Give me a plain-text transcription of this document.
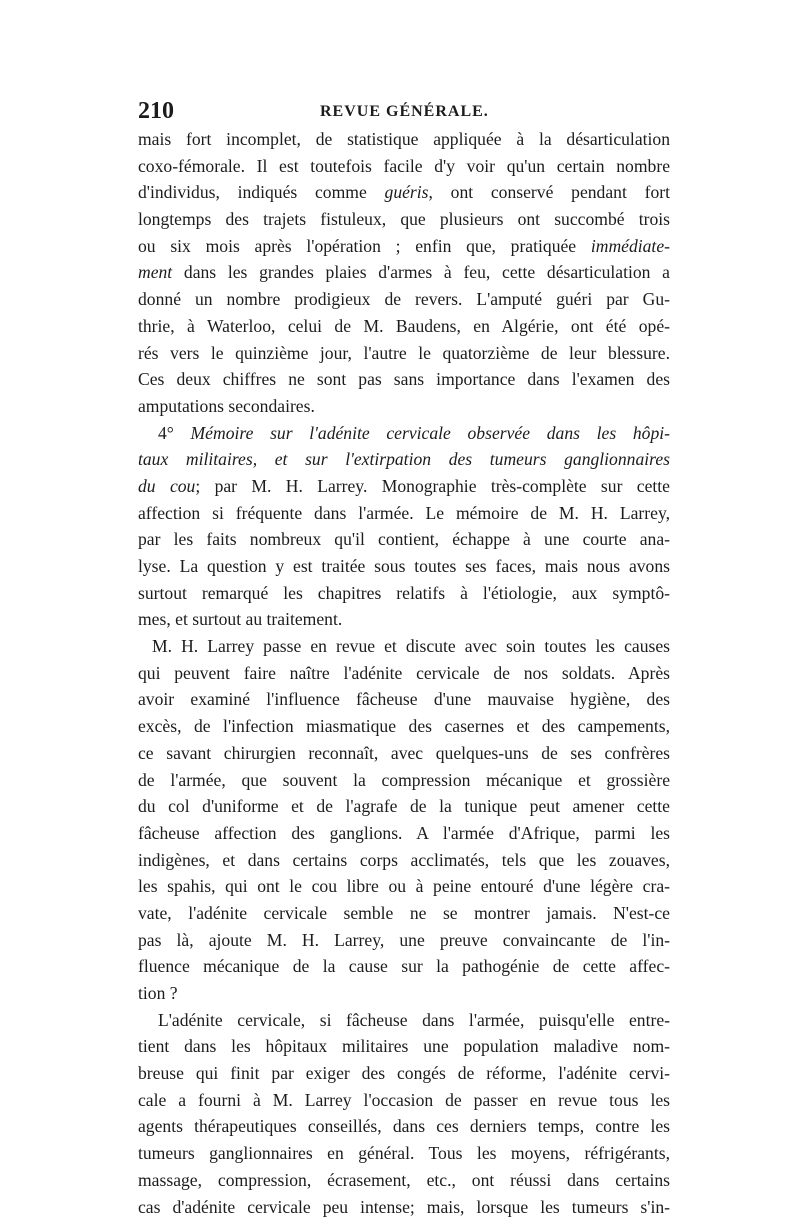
210	REVUE GÉNÉRALE.
mais fort incomplet, de statistique appliquée à la désarticulation
coxo-fémorale. Il est toutefois facile d'y voir qu'un certain nombre
d'individus, indiqués comme guéris, ont conservé pendant fort
longtemps des trajets fistuleux, que plusieurs ont succombé trois
ou six mois après l'opération ; enfin que, pratiquée immédiate-
ment dans les grandes plaies d'armes à feu, cette désarticulation a
donné un nombre prodigieux de revers. L'amputé guéri par Gu-
thrie, à Waterloo, celui de M. Baudens, en Algérie, ont été opé-
rés vers le quinzième jour, l'autre le quatorzième de leur blessure.
Ces deux chiffres ne sont pas sans importance dans l'examen des
amputations secondaires.
4° Mémoire sur l'adénite cervicale observée dans les hôpi-
taux militaires, et sur l'extirpation des tumeurs ganglionnaires
du cou; par M. H. Larrey. Monographie très-complète sur cette
affection si fréquente dans l'armée. Le mémoire de M. H. Larrey,
par les faits nombreux qu'il contient, échappe à une courte ana-
lyse. La question y est traitée sous toutes ses faces, mais nous avons
surtout remarqué les chapitres relatifs à l'étiologie, aux symptô-
mes, et surtout au traitement.
M. H. Larrey passe en revue et discute avec soin toutes les causes
qui peuvent faire naître l'adénite cervicale de nos soldats. Après
avoir examiné l'influence fâcheuse d'une mauvaise hygiène, des
excès, de l'infection miasmatique des casernes et des campements,
ce savant chirurgien reconnaît, avec quelques-uns de ses confrères
de l'armée, que souvent la compression mécanique et grossière
du col d'uniforme et de l'agrafe de la tunique peut amener cette
fâcheuse affection des ganglions. A l'armée d'Afrique, parmi les
indigènes, et dans certains corps acclimatés, tels que les zouaves,
les spahis, qui ont le cou libre ou à peine entouré d'une légère cra-
vate, l'adénite cervicale semble ne se montrer jamais. N'est-ce
pas là, ajoute M. H. Larrey, une preuve convaincante de l'in-
fluence mécanique de la cause sur la pathogénie de cette affec-
tion ?
L'adénite cervicale, si fâcheuse dans l'armée, puisqu'elle entre-
tient dans les hôpitaux militaires une population maladive nom-
breuse qui finit par exiger des congés de réforme, l'adénite cervi-
cale a fourni à M. Larrey l'occasion de passer en revue tous les
agents thérapeutiques conseillés, dans ces derniers temps, contre les
tumeurs ganglionnaires en général. Tous les moyens, réfrigérants,
massage, compression, écrasement, etc., ont réussi dans certains
cas d'adénite cervicale peu intense; mais, lorsque les tumeurs s'in-
